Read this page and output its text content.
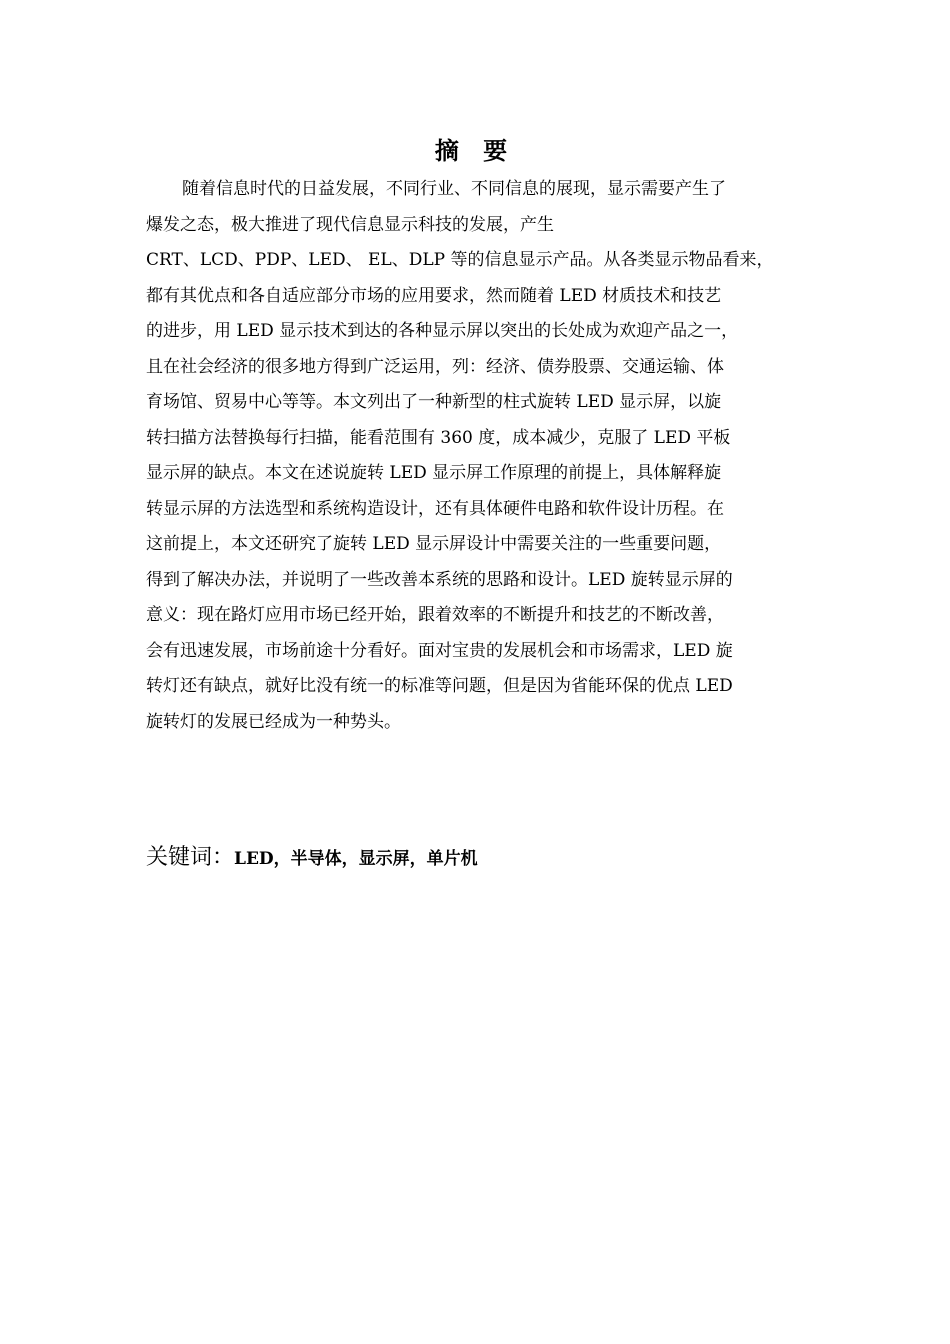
摘 要
随着信息时代的日益发展，不同行业、不同信息的展现，显示需要产生了
爆发之态，极大推进了现代信息显示科技的发展，产生
CRT、LCD、PDP、LED、 EL、DLP 等的信息显示产品。从各类显示物品看来，
都有其优点和各自适应部分市场的应用要求，然而随着 LED 材质技术和技艺
的进步，用 LED 显示技术到达的各种显示屏以突出的长处成为欢迎产品之一，
且在社会经济的很多地方得到广泛运用，列：经济、债券股票、交通运输、体
育场馆、贸易中心等等。本文列出了一种新型的柱式旋转 LED 显示屏，以旋
转扫描方法替换每行扫描，能看范围有 360 度，成本减少，克服了 LED 平板
显示屏的缺点。本文在述说旋转 LED 显示屏工作原理的前提上，具体解释旋
转显示屏的方法选型和系统构造设计，还有具体硬件电路和软件设计历程。在
这前提上，本文还研究了旋转 LED 显示屏设计中需要关注的一些重要问题，
得到了解决办法，并说明了一些改善本系统的思路和设计。LED 旋转显示屏的
意义：现在路灯应用市场已经开始，跟着效率的不断提升和技艺的不断改善，
会有迅速发展，市场前途十分看好。面对宝贵的发展机会和市场需求，LED 旋
转灯还有缺点，就好比没有统一的标准等问题，但是因为省能环保的优点 LED
旋转灯的发展已经成为一种势头。
关键词：LED，半导体，显示屏，单片机
